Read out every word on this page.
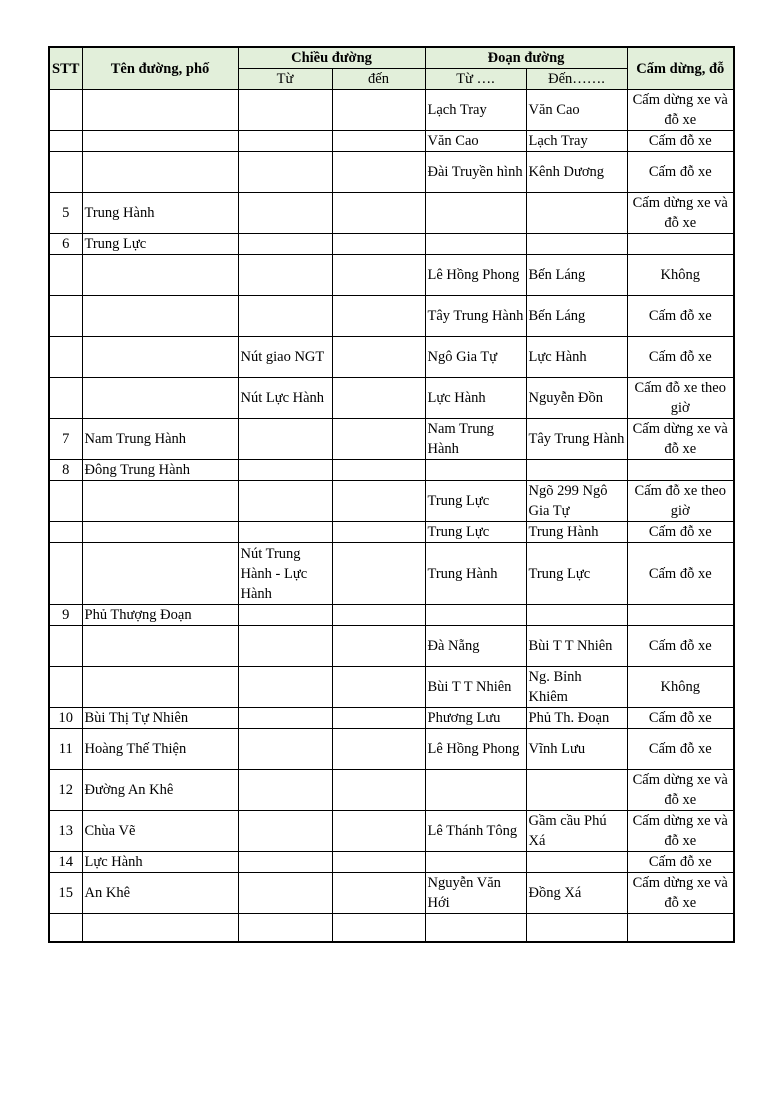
STT	Tên đường, phố	Chiều đường		Đoạn đường		Cấm dừng, đỗ
		Từ	đến	Từ ….	Đến…….	
				Lạch Tray	Văn Cao	Cấm dừng xe và đỗ xe
				Văn Cao	Lạch Tray	Cấm đỗ xe
				Đài Truyền hình	Kênh Dương	Cấm đỗ xe
5	Trung Hành					Cấm dừng xe và đỗ xe
6	Trung Lực					
				Lê Hồng Phong	Bến Láng	Không
				Tây Trung Hành	Bến Láng	Cấm đỗ xe
		Nút giao NGT		Ngô Gia Tự	Lực Hành	Cấm đỗ xe
		Nút Lực Hành		Lực Hành	Nguyễn Đồn	Cấm đỗ xe theo giờ
7	Nam Trung Hành			Nam Trung Hành	Tây Trung Hành	Cấm dừng xe và đỗ xe
8	Đông Trung Hành					
				Trung Lực	Ngõ 299 Ngô Gia Tự	Cấm đỗ xe theo giờ
				Trung Lực	Trung Hành	Cấm đỗ xe
		Nút Trung Hành - Lực Hành		Trung Hành	Trung Lực	Cấm đỗ xe
9	Phủ Thượng Đoạn					
				Đà Nẵng	Bùi T T Nhiên	Cấm đỗ xe
				Bùi T T Nhiên	Ng. Bỉnh Khiêm	Không
10	Bùi Thị Tự Nhiên			Phương Lưu	Phủ Th. Đoạn	Cấm đỗ xe
11	Hoàng Thế Thiện			Lê Hồng Phong	Vĩnh Lưu	Cấm đỗ xe
12	Đường An Khê					Cấm dừng xe và đỗ xe
13	Chùa Vẽ			Lê Thánh Tông	Gầm cầu Phú Xá	Cấm dừng xe và đỗ xe
14	Lực Hành					Cấm đỗ xe
15	An Khê			Nguyễn Văn Hới	Đồng Xá	Cấm dừng xe và đỗ xe
